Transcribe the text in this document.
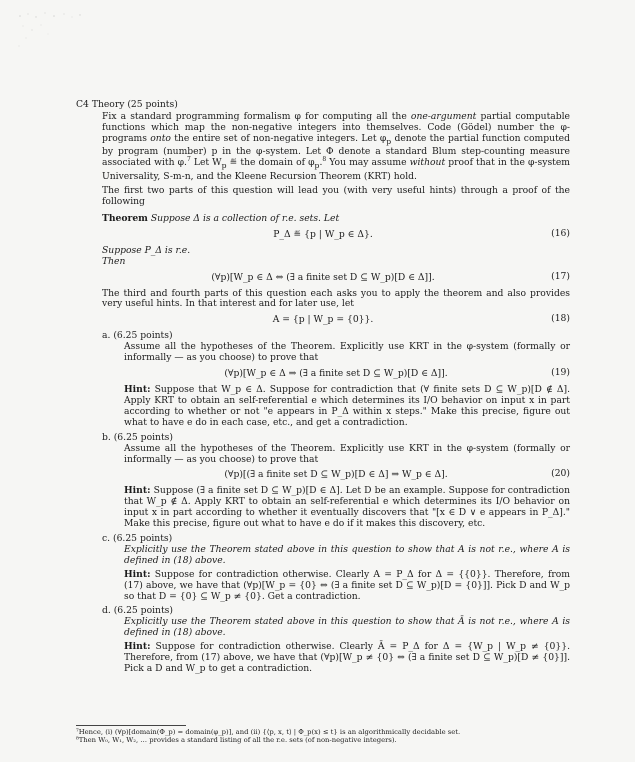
C4 Theory (25 points)

Fix a standard programming formalism φ for computing all the one-argument partial computable functions which map the non-negative integers into themselves. Code (Gödel) number the φ-programs onto the entire set of non-negative integers. Let $\varphi_p$ denote the partial function computed by program (number) p in the φ-system. Let Φ denote a standard Blum step-counting measure associated with φ.$^7$ Let $W_p$ ≝ the domain of $\varphi_p.^8$ You may assume without proof that in the φ-system Universality, S-m-n, and the Kleene Recursion Theorem (KRT) hold.

The first two parts of this question will lead you (with very useful hints) through a proof of the following

Theorem Suppose Δ is a collection of r.e. sets. Let
P_Δ ≝ {p | W_p ∈ Δ}.	(16)

Suppose P_Δ is r.e.

Then

(∀p)[W_p ∈ Δ ⇔ (∃ a finite set D ⊆ W_p)[D ∈ Δ]].	(17)

The third and fourth parts of this question each asks you to apply the theorem and also provides very useful hints. In that interest and for later use, let

A = {p | W_p = {0}}.	(18)
a. (6.25 points)

Assume all the hypotheses of the Theorem. Explicitly use KRT in the φ-system (formally or informally — as you choose) to prove that

(∀p)[W_p ∈ Δ ⇒ (∃ a finite set D ⊆ W_p)[D ∈ Δ]].	(19)

Hint: Suppose that W_p ∈ Δ. Suppose for contradiction that (∀ finite sets D ⊆ W_p)[D ∉ Δ]. Apply KRT to obtain an self-referential e which determines its I/O behavior on input x in part according to whether or not "e appears in P_Δ within x steps." Make this precise, figure out what to have e do in each case, etc., and get a contradiction.

b. (6.25 points)

Assume all the hypotheses of the Theorem. Explicitly use KRT in the φ-system (formally or informally — as you choose) to prove that

(∀p)[(∃ a finite set D ⊆ W_p)[D ∈ Δ] ⇒ W_p ∈ Δ].	(20)

Hint: Suppose (∃ a finite set D ⊆ W_p)[D ∈ Δ]. Let D be an example. Suppose for contradiction that W_p ∉ Δ. Apply KRT to obtain an self-referential e which determines its I/O behavior on input x in part according to whether it eventually discovers that "[x ∈ D ∨ e appears in P_Δ]." Make this precise, figure out what to have e do if it makes this discovery, etc.

c. (6.25 points)

Explicitly use the Theorem stated above in this question to show that A is not r.e., where A is defined in (18) above.

Hint: Suppose for contradiction otherwise. Clearly A = P_Δ for Δ = {{0}}. Therefore, from (17) above, we have that (∀p)[W_p = {0} ⇔ (∃ a finite set D ⊆ W_p)[D = {0}]]. Pick D and W_p so that D = {0} ⊆ W_p ≠ {0}. Get a contradiction.

d. (6.25 points)

Explicitly use the Theorem stated above in this question to show that Ā is not r.e., where A is defined in (18) above.

Hint: Suppose for contradiction otherwise. Clearly Ā = P_Δ for Δ = {W_p | W_p ≠ {0}}. Therefore, from (17) above, we have that (∀p)[W_p ≠ {0} ⇔ (∃ a finite set D ⊆ W_p)[D ≠ {0}]]. Pick a D and W_p to get a contradiction.

⁷Hence, (i) (∀p)[domain(Φ_p) = domain(φ_p)], and (ii) {⟨p, x, t⟩ | Φ_p(x) ≤ t} is an algorithmically decidable set.
⁸Then W₀, W₁, W₂, … provides a standard listing of all the r.e. sets (of non-negative integers).
